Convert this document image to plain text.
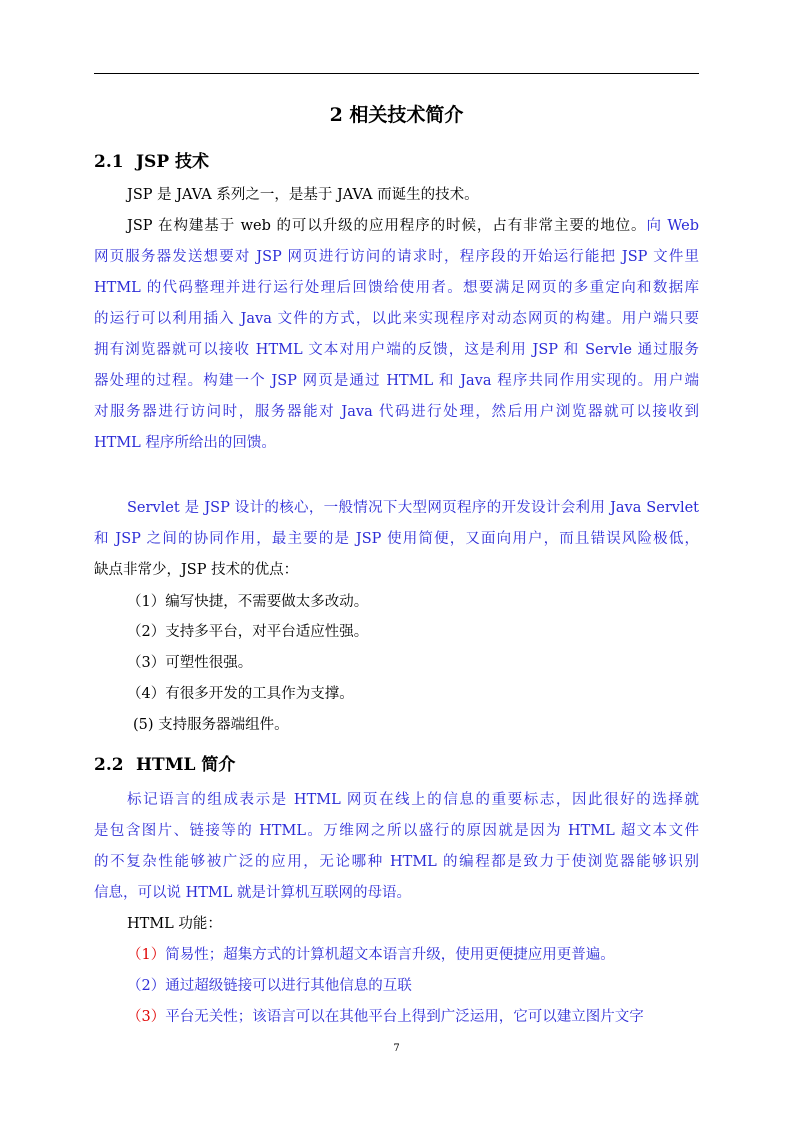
2 相关技术简介
2.1 JSP 技术
JSP 是 JAVA 系列之一，是基于 JAVA 而诞生的技术。
JSP 在构建基于 web 的可以升级的应用程序的时候，占有非常主要的地位。向 Web
网页服务器发送想要对 JSP 网页进行访问的请求时，程序段的开始运行能把 JSP 文件里
HTML 的代码整理并进行运行处理后回馈给使用者。想要满足网页的多重定向和数据库
的运行可以利用插入 Java 文件的方式，以此来实现程序对动态网页的构建。用户端只要
拥有浏览器就可以接收 HTML 文本对用户端的反馈，这是利用 JSP 和 Servle 通过服务
器处理的过程。构建一个 JSP 网页是通过 HTML 和 Java 程序共同作用实现的。用户端
对服务器进行访问时，服务器能对 Java 代码进行处理，然后用户浏览器就可以接收到
HTML 程序所给出的回馈。
Servlet 是 JSP 设计的核心，一般情况下大型网页程序的开发设计会利用 Java Servlet
和 JSP 之间的协同作用，最主要的是 JSP 使用简便，又面向用户，而且错误风险极低，
缺点非常少，JSP 技术的优点：
（1）编写快捷，不需要做太多改动。
（2）支持多平台，对平台适应性强。
（3）可塑性很强。
（4）有很多开发的工具作为支撑。
(5) 支持服务器端组件。
2.2 HTML 简介
标记语言的组成表示是 HTML 网页在线上的信息的重要标志，因此很好的选择就
是包含图片、链接等的 HTML。万维网之所以盛行的原因就是因为 HTML 超文本文件
的不复杂性能够被广泛的应用，无论哪种 HTML 的编程都是致力于使浏览器能够识别
信息，可以说 HTML 就是计算机互联网的母语。
HTML 功能：
（1）简易性；超集方式的计算机超文本语言升级，使用更便捷应用更普遍。
（2）通过超级链接可以进行其他信息的互联
（3）平台无关性；该语言可以在其他平台上得到广泛运用，它可以建立图片文字
7
